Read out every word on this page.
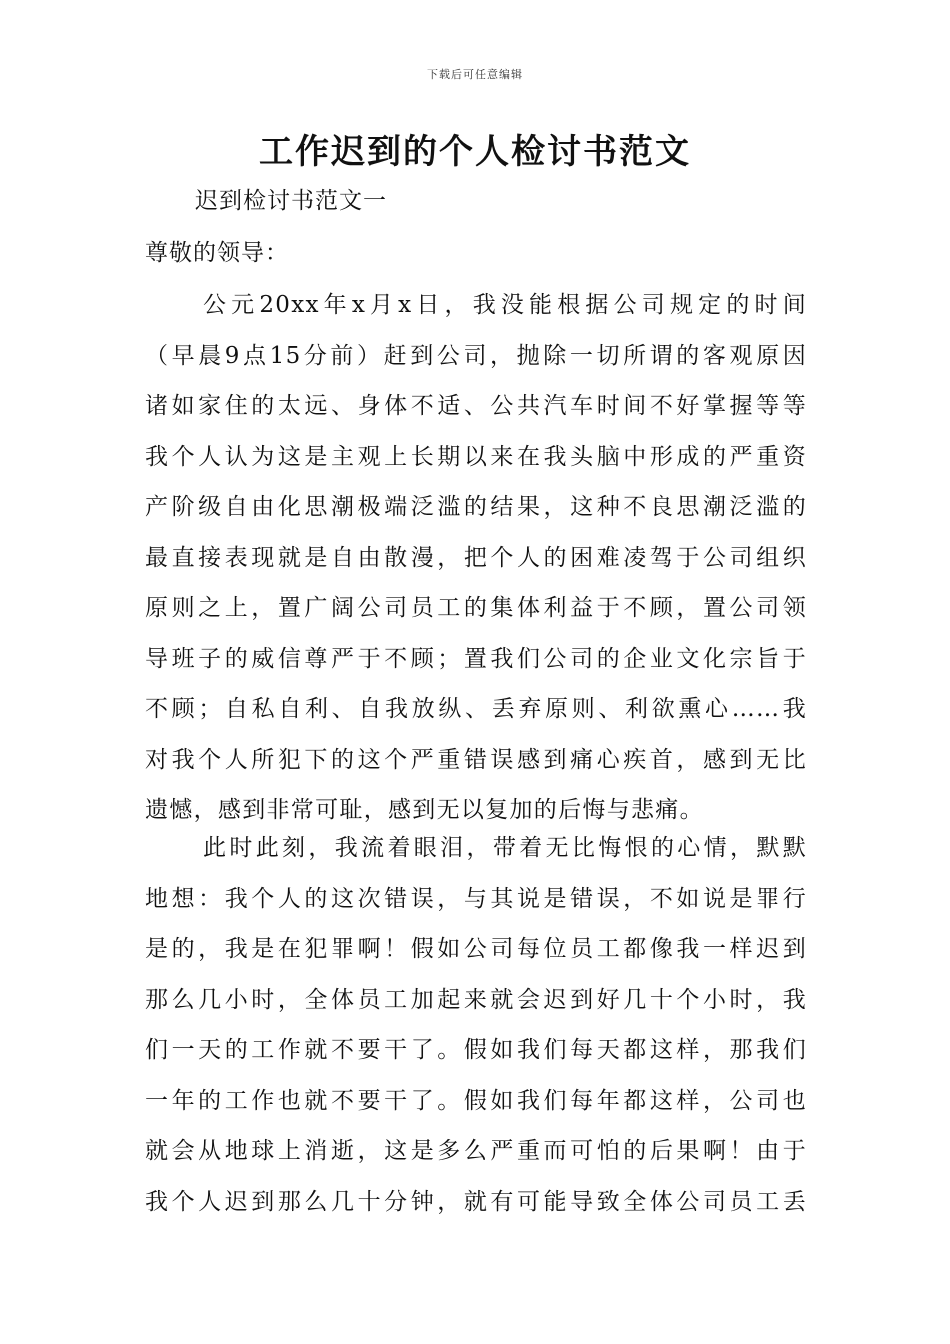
下载后可任意编辑
工作迟到的个人检讨书范文
迟到检讨书范文一
尊敬的领导：
公元20xx年x月x日，我没能根据公司规定的时间
（早晨9点15分前）赶到公司，抛除一切所谓的客观原因
诸如家住的太远、身体不适、公共汽车时间不好掌握等等
我个人认为这是主观上长期以来在我头脑中形成的严重资
产阶级自由化思潮极端泛滥的结果，这种不良思潮泛滥的
最直接表现就是自由散漫，把个人的困难凌驾于公司组织
原则之上，置广阔公司员工的集体利益于不顾，置公司领
导班子的威信尊严于不顾；置我们公司的企业文化宗旨于
不顾；自私自利、自我放纵、丢弃原则、利欲熏心……我
对我个人所犯下的这个严重错误感到痛心疾首，感到无比
遗憾，感到非常可耻，感到无以复加的后悔与悲痛。
此时此刻，我流着眼泪，带着无比悔恨的心情，默默
地想：我个人的这次错误，与其说是错误，不如说是罪行
是的，我是在犯罪啊！假如公司每位员工都像我一样迟到
那么几小时，全体员工加起来就会迟到好几十个小时，我
们一天的工作就不要干了。假如我们每天都这样，那我们
一年的工作也就不要干了。假如我们每年都这样，公司也
就会从地球上消逝，这是多么严重而可怕的后果啊！由于
我个人迟到那么几十分钟，就有可能导致全体公司员工丢
